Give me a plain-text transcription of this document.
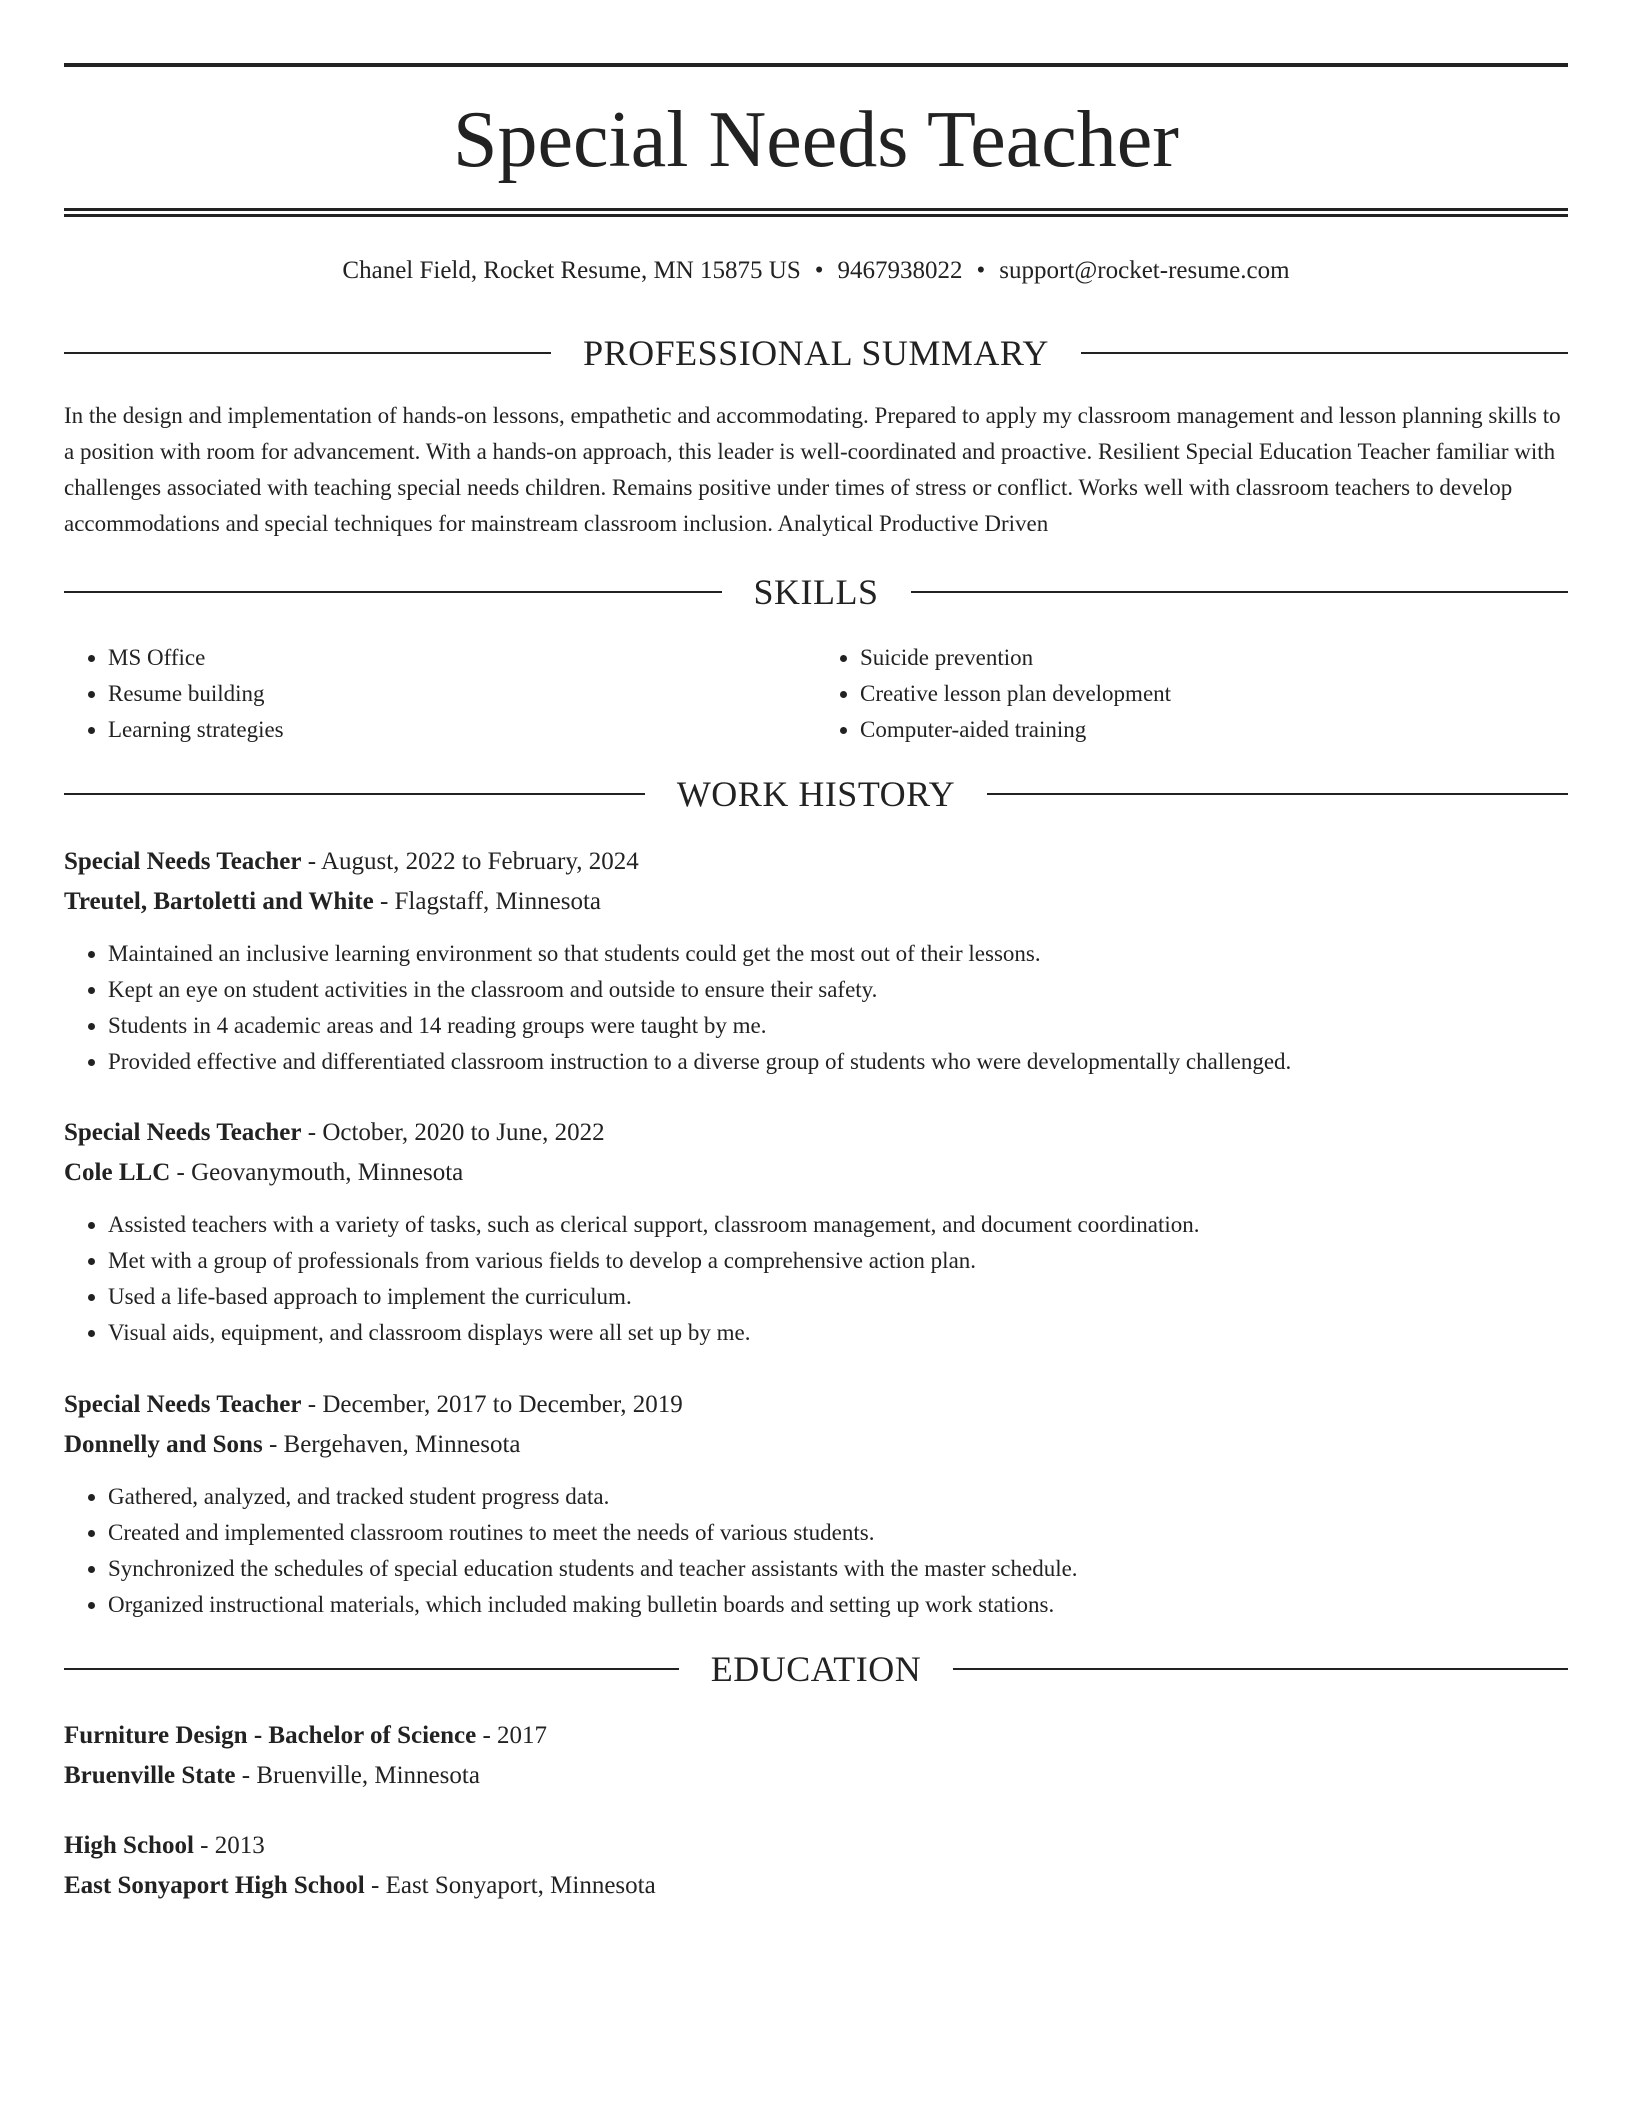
Special Needs Teacher
Chanel Field, Rocket Resume, MN 15875 US • 9467938022 • support@rocket-resume.com
PROFESSIONAL SUMMARY

In the design and implementation of hands-on lessons, empathetic and accommodating. Prepared to apply my classroom management and lesson planning skills to a position with room for advancement. With a hands-on approach, this leader is well-coordinated and proactive. Resilient Special Education Teacher familiar with challenges associated with teaching special needs children. Remains positive under times of stress or conflict. Works well with classroom teachers to develop accommodations and special techniques for mainstream classroom inclusion. Analytical Productive Driven

SKILLS
• MS Office
• Resume building
• Learning strategies
• Suicide prevention
• Creative lesson plan development
• Computer-aided training
WORK HISTORY
Special Needs Teacher - August, 2022 to February, 2024
Treutel, Bartoletti and White - Flagstaff, Minnesota
• Maintained an inclusive learning environment so that students could get the most out of their lessons.
• Kept an eye on student activities in the classroom and outside to ensure their safety.
• Students in 4 academic areas and 14 reading groups were taught by me.
• Provided effective and differentiated classroom instruction to a diverse group of students who were developmentally challenged.
Special Needs Teacher - October, 2020 to June, 2022
Cole LLC - Geovanymouth, Minnesota
• Assisted teachers with a variety of tasks, such as clerical support, classroom management, and document coordination.
• Met with a group of professionals from various fields to develop a comprehensive action plan.
• Used a life-based approach to implement the curriculum.
• Visual aids, equipment, and classroom displays were all set up by me.
Special Needs Teacher - December, 2017 to December, 2019
Donnelly and Sons - Bergehaven, Minnesota
• Gathered, analyzed, and tracked student progress data.
• Created and implemented classroom routines to meet the needs of various students.
• Synchronized the schedules of special education students and teacher assistants with the master schedule.
• Organized instructional materials, which included making bulletin boards and setting up work stations.
EDUCATION
Furniture Design - Bachelor of Science - 2017
Bruenville State - Bruenville, Minnesota
High School - 2013
East Sonyaport High School - East Sonyaport, Minnesota
